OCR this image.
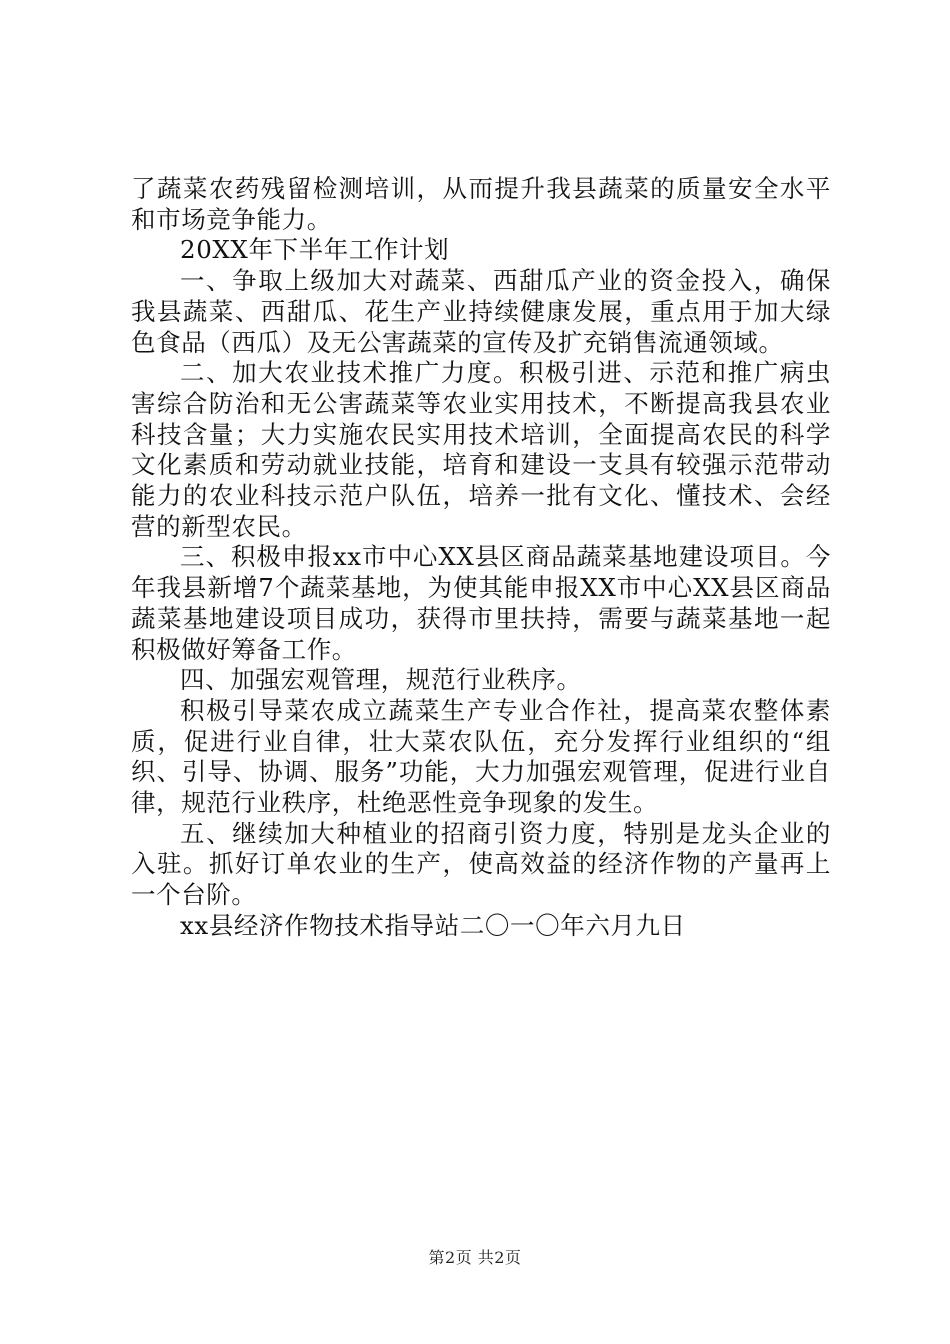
了蔬菜农药残留检测培训，从而提升我县蔬菜的质量安全水平和市场竞争能力。

20XX年下半年工作计划

一、争取上级加大对蔬菜、西甜瓜产业的资金投入，确保我县蔬菜、西甜瓜、花生产业持续健康发展，重点用于加大绿色食品（西瓜）及无公害蔬菜的宣传及扩充销售流通领域。

二、加大农业技术推广力度。积极引进、示范和推广病虫害综合防治和无公害蔬菜等农业实用技术，不断提高我县农业科技含量；大力实施农民实用技术培训，全面提高农民的科学文化素质和劳动就业技能，培育和建设一支具有较强示范带动能力的农业科技示范户队伍，培养一批有文化、懂技术、会经营的新型农民。

三、积极申报xx市中心XX县区商品蔬菜基地建设项目。今年我县新增7个蔬菜基地，为使其能申报XX市中心XX县区商品蔬菜基地建设项目成功，获得市里扶持，需要与蔬菜基地一起积极做好筹备工作。

四、加强宏观管理，规范行业秩序。

积极引导菜农成立蔬菜生产专业合作社，提高菜农整体素质，促进行业自律，壮大菜农队伍，充分发挥行业组织的“组织、引导、协调、服务”功能，大力加强宏观管理，促进行业自律，规范行业秩序，杜绝恶性竞争现象的发生。

五、继续加大种植业的招商引资力度，特别是龙头企业的入驻。抓好订单农业的生产，使高效益的经济作物的产量再上一个台阶。

xx县经济作物技术指导站二〇一〇年六月九日

第2页 共2页
